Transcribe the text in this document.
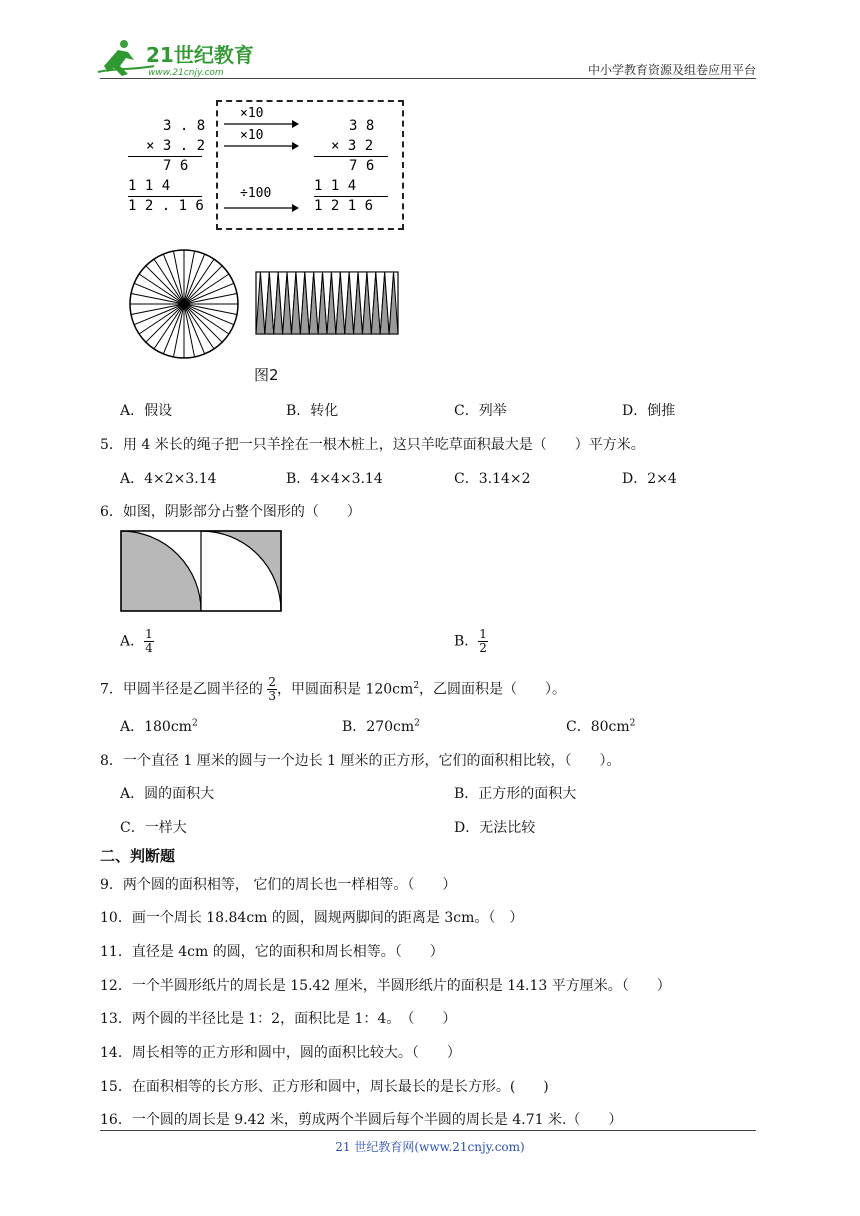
21世纪教育
www.21cnjy.com	中小学教育资源及组卷应用平台
3 . 8
× 3 . 2
7 6
1 1 4
1 2 . 1 6
×10
×10
÷100
3 8
× 3 2
7 6
1 1 4
1 2 1 6
图2
A．假设	B．转化	C．列举	D．倒推
5．用 4 米长的绳子把一只羊拴在一根木桩上，这只羊吃草面积最大是（　　）平方米。
A．4×2×3.14	B．4×4×3.14	C．3.14×2	D．2×4
6．如图，阴影部分占整个图形的（　　）
A． $\frac{1}{4}$	B． $\frac{1}{2}$
7．甲圆半径是乙圆半径的 $\frac{2}{3}$ ，甲圆面积是 $120cm^2$，乙圆面积是（　　）。
A．$180cm^2$	B．$270cm^2$	C．$80cm^2$
8．一个直径 1 厘米的圆与一个边长 1 厘米的正方形，它们的面积相比较，（　　）。
A．圆的面积大	B．正方形的面积大
C．一样大	D．无法比较
二、判断题
9．两个圆的面积相等， 它们的周长也一样相等。（　　）
10．画一个周长 18.84cm 的圆，圆规两脚间的距离是 3cm。（　）
11．直径是 4cm 的圆，它的面积和周长相等。（　　）
12．一个半圆形纸片的周长是 15.42 厘米，半圆形纸片的面积是 14.13 平方厘米。（　　）
13．两个圆的半径比是 1：2，面积比是 1：4。　（　　）
14．周长相等的正方形和圆中，圆的面积比较大。（　　）
15．在面积相等的长方形、正方形和圆中，周长最长的是长方形。(　　)
16．一个圆的周长是 9.42 米，剪成两个半圆后每个半圆的周长是 4.71 米.（　　）
21 世纪教育网(www.21cnjy.com)
